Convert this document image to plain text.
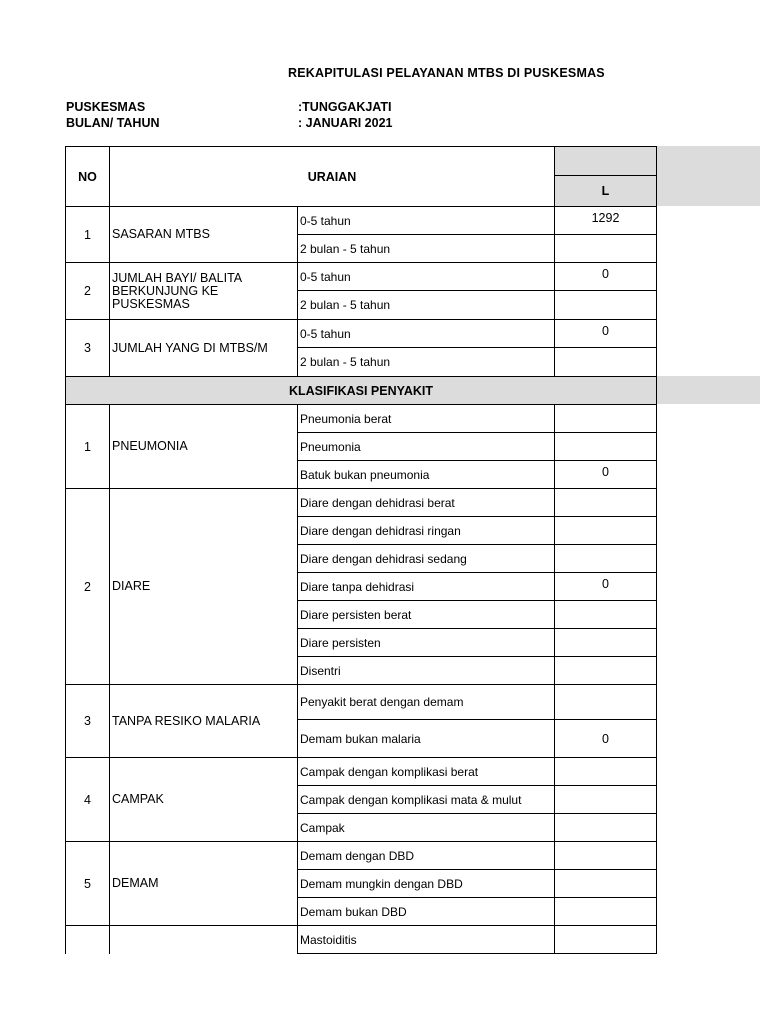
REKAPITULASI PELAYANAN MTBS DI PUSKESMAS
PUSKESMAS	:TUNGGAKJATI
BULAN/ TAHUN	: JANUARI 2021
NO	URAIAN		
			L
1	SASARAN MTBS	0-5 tahun	1292
		2 bulan - 5 tahun	
2	JUMLAH BAYI/ BALITA BERKUNJUNG KE PUSKESMAS	0-5 tahun	0
		2 bulan - 5 tahun	
3	JUMLAH YANG DI MTBS/M	0-5 tahun	0
		2 bulan - 5 tahun	
KLASIFIKASI PENYAKIT			
1	PNEUMONIA	Pneumonia berat	
		Pneumonia	
		Batuk bukan pneumonia	0
2	DIARE	Diare dengan dehidrasi berat	
		Diare dengan dehidrasi ringan	
		Diare dengan dehidrasi sedang	
		Diare tanpa dehidrasi	0
		Diare persisten berat	
		Diare persisten	
		Disentri	
3	TANPA RESIKO MALARIA	Penyakit berat dengan demam	
		Demam bukan malaria	0
4	CAMPAK	Campak dengan komplikasi berat	
		Campak dengan komplikasi mata & mulut	
		Campak	
5	DEMAM	Demam dengan DBD	
		Demam mungkin dengan DBD	
		Demam bukan DBD	
		Mastoiditis	
